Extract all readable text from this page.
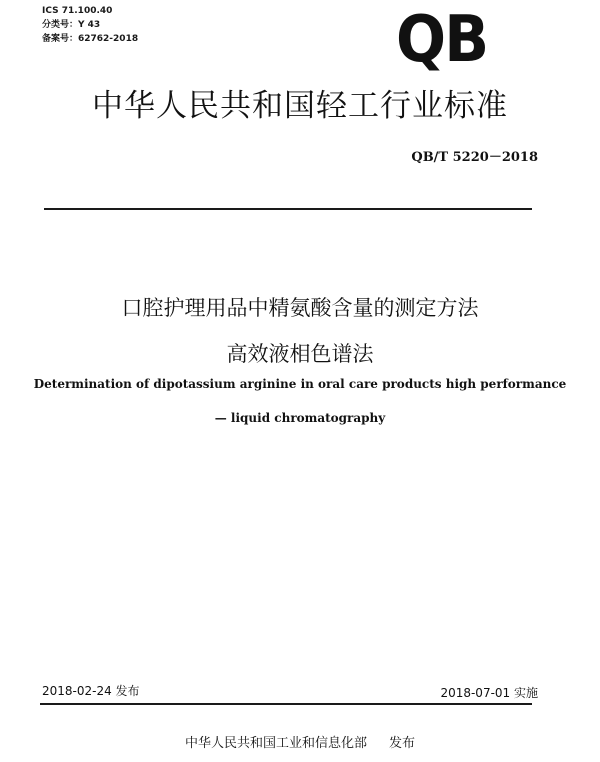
ICS 71.100.40
分类号：Y 43
备案号：62762-2018	QB
中华人民共和国轻工行业标准
QB/T 5220－2018
口腔护理用品中精氨酸含量的测定方法
高效液相色谱法
Determination of dipotassium arginine in oral care products high performance
— liquid chromatography
2018-02-24 发布	2018-07-01 实施
中华人民共和国工业和信息化部 发布
